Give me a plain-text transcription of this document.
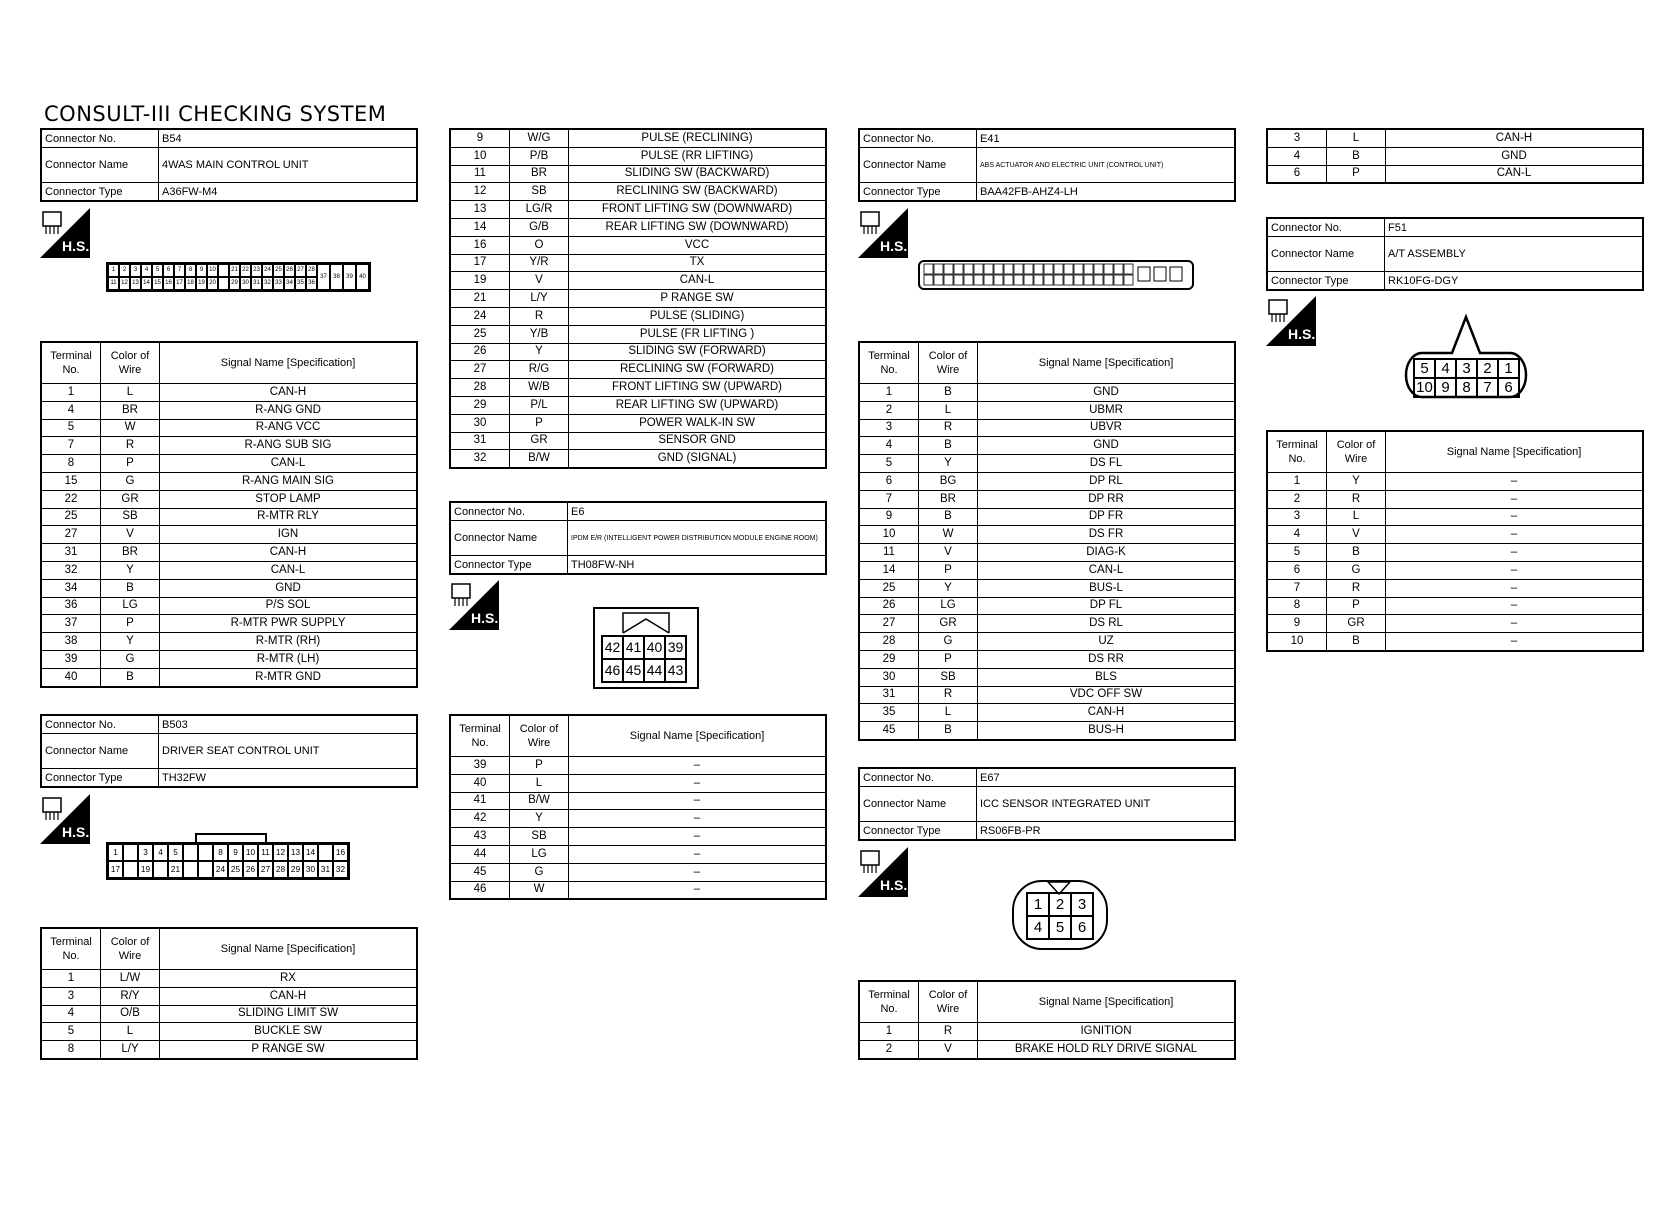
CONSULT-III CHECKING SYSTEM
Connector No.	B54
Connector Name	4WAS MAIN CONTROL UNIT
Connector Type	A36FW-M4
H.S.
1	2	3	4	5	6	7	8	9 10	21 22 23 24 25 26 27 28
11 12 13 14 15 16 17 18 19 20	29 30 31 32 33 34 35 36
37	38	39	40
Terminal No.	Color of Wire	Signal Name [Specification]
1	L	CAN-H
4	BR	R-ANG GND
5	W	R-ANG VCC
7	R	R-ANG SUB SIG
8	P	CAN-L
15	G	R-ANG MAIN SIG
22	GR	STOP LAMP
25	SB	R-MTR RLY
27	V	IGN
31	BR	CAN-H
32	Y	CAN-L
34	B	GND
36	LG	P/S SOL
37	P	R-MTR PWR SUPPLY
38	Y	R-MTR (RH)
39	G	R-MTR (LH)
40	B	R-MTR GND
Connector No.	B503
Connector Name	DRIVER SEAT CONTROL UNIT
Connector Type	TH32FW
H.S.
1	3	4	5	8	9 10 11 12 13 14	16
17	19	21	24 25 26 27 28 29 30 31 32
Terminal No.	Color of Wire	Signal Name [Specification]
1	L/W	RX
3	R/Y	CAN-H
4	O/B	SLIDING LIMIT SW
5	L	BUCKLE SW
8	L/Y	P RANGE SW
9	W/G	PULSE (RECLINING)
10	P/B	PULSE (RR LIFTING)
11	BR	SLIDING SW (BACKWARD)
12	SB	RECLINING SW (BACKWARD)
13	LG/R	FRONT LIFTING SW (DOWNWARD)
14	G/B	REAR LIFTING SW (DOWNWARD)
16	O	VCC
17	Y/R	TX
19	V	CAN-L
21	L/Y	P RANGE SW
24	R	PULSE (SLIDING)
25	Y/B	PULSE (FR LIFTING )
26	Y	SLIDING SW (FORWARD)
27	R/G	RECLINING SW (FORWARD)
28	W/B	FRONT LIFTING SW (UPWARD)
29	P/L	REAR LIFTING SW (UPWARD)
30	P	POWER WALK-IN SW
31	GR	SENSOR GND
32	B/W	GND (SIGNAL)
Connector No.	E6
Connector Name	IPDM E/R (INTELLIGENT POWER DISTRIBUTION MODULE ENGINE ROOM)
Connector Type	TH08FW-NH
H.S.
42 41 40 39
46 45 44 43
Terminal No.	Color of Wire	Signal Name [Specification]
39	P	–
40	L	–
41	B/W	–
42	Y	–
43	SB	–
44	LG	–
45	G	–
46	W	–
Connector No.	E41
Connector Name	ABS ACTUATOR AND ELECTRIC UNIT (CONTROL UNIT)
Connector Type	BAA42FB-AHZ4-LH
H.S.
Terminal No.	Color of Wire	Signal Name [Specification]
1	B	GND
2	L	UBMR
3	R	UBVR
4	B	GND
5	Y	DS FL
6	BG	DP RL
7	BR	DP RR
9	B	DP FR
10	W	DS FR
11	V	DIAG-K
14	P	CAN-L
25	Y	BUS-L
26	LG	DP FL
27	GR	DS RL
28	G	UZ
29	P	DS RR
30	SB	BLS
31	R	VDC OFF SW
35	L	CAN-H
45	B	BUS-H
Connector No.	E67
Connector Name	ICC SENSOR INTEGRATED UNIT
Connector Type	RS06FB-PR
H.S.
1 2 3
4 5 6
Terminal No.	Color of Wire	Signal Name [Specification]
1	R	IGNITION
2	V	BRAKE HOLD RLY DRIVE SIGNAL
3	L	CAN-H
4	B	GND
6	P	CAN-L
Connector No.	F51
Connector Name	A/T ASSEMBLY
Connector Type	RK10FG-DGY
H.S.
5 4 3 2 1
10 9 8 7 6
Terminal No.	Color of Wire	Signal Name [Specification]
1	Y	–
2	R	–
3	L	–
4	V	–
5	B	–
6	G	–
7	R	–
8	P	–
9	GR	–
10	B	–
